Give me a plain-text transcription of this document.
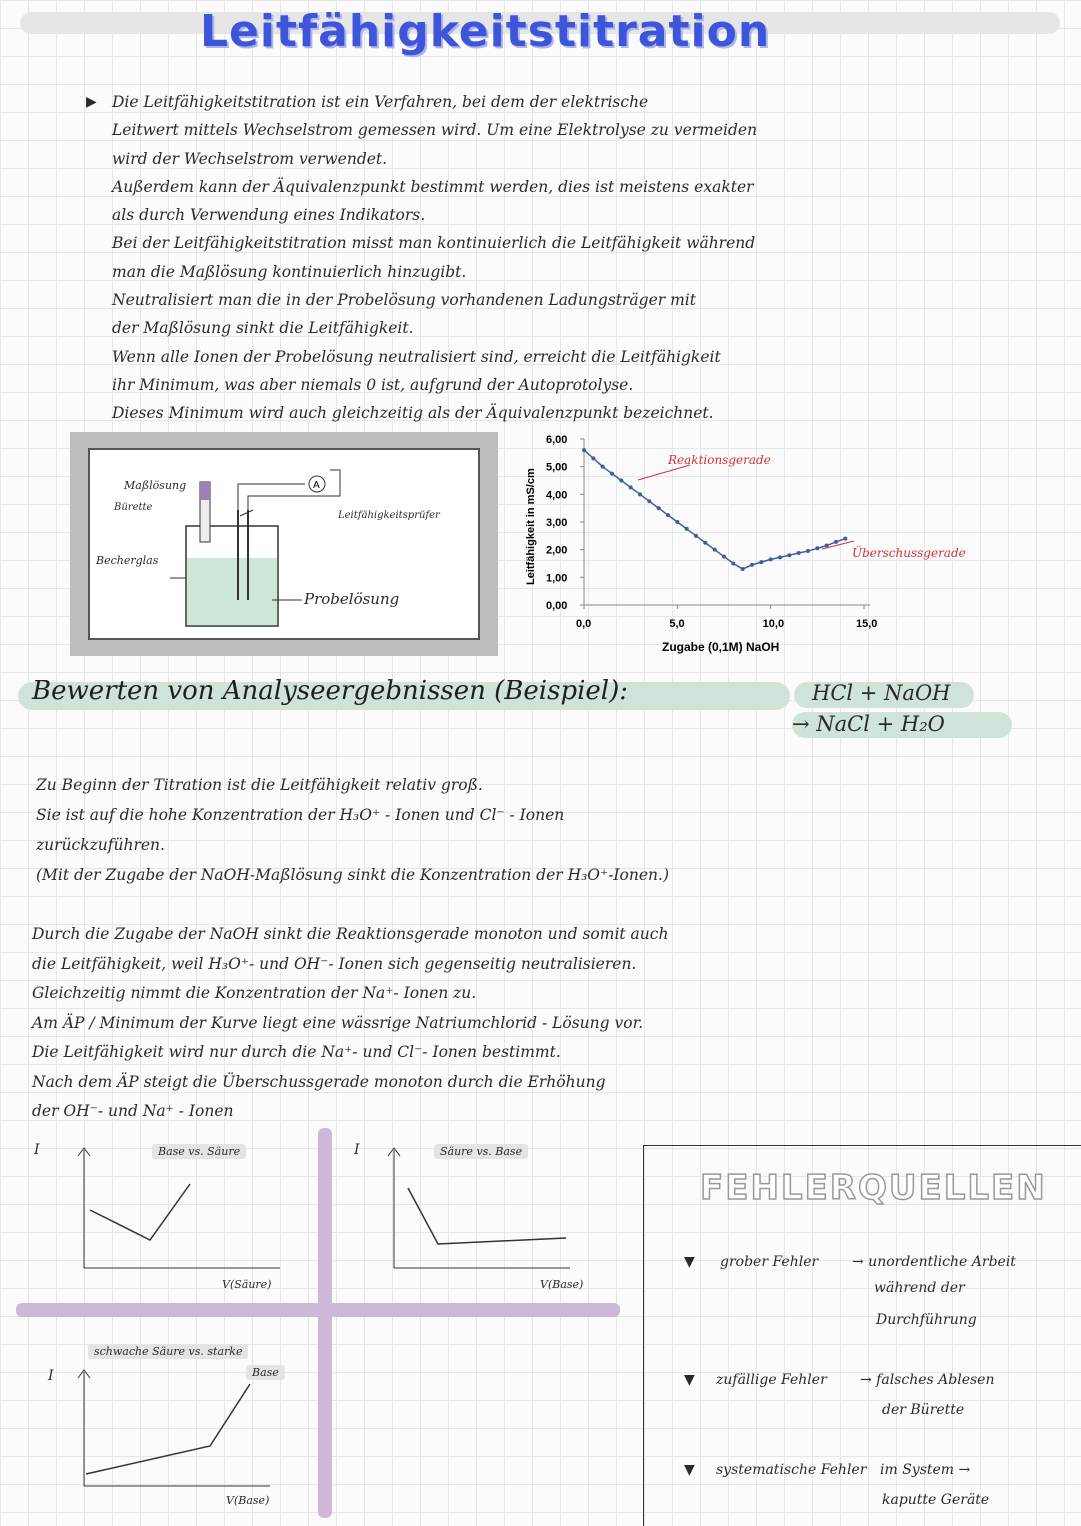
Leitfähigkeitstitration
▶ Die Leitfähigkeitstitration ist ein Verfahren, bei dem der elektrische
Leitwert mittels Wechselstrom gemessen wird. Um eine Elektrolyse zu vermeiden
wird der Wechselstrom verwendet.
Außerdem kann der Äquivalenzpunkt bestimmt werden, dies ist meistens exakter
als durch Verwendung eines Indikators.
Bei der Leitfähigkeitstitration misst man kontinuierlich die Leitfähigkeit während
man die Maßlösung kontinuierlich hinzugibt.
Neutralisiert man die in der Probelösung vorhandenen Ladungsträger mit
der Maßlösung sinkt die Leitfähigkeit.
Wenn alle Ionen der Probelösung neutralisiert sind, erreicht die Leitfähigkeit
ihr Minimum, was aber niemals 0 ist, aufgrund der Autoprotolyse.
Dieses Minimum wird auch gleichzeitig als der Äquivalenzpunkt bezeichnet.
A
Maßlösung
Bürette
Becherglas
Leitfähigkeitsprüfer
Probelösung	0,00
1,00
2,00
3,00
4,00
5,00
6,00
0,0	5,0	10,0	15,0
Leitfähigkeit in mS/cm
Zugabe (0,1M) NaOH
Reaktionsgerade
Überschussgerade
Bewerten von Analyseergebnissen (Beispiel):	HCl + NaOH
→ NaCl + H₂O
Zu Beginn der Titration ist die Leitfähigkeit relativ groß.
Sie ist auf die hohe Konzentration der H₃O⁺ - Ionen und Cl⁻ - Ionen
zurückzuführen.
(Mit der Zugabe der NaOH-Maßlösung sinkt die Konzentration der H₃O⁺-Ionen.)
Durch die Zugabe der NaOH sinkt die Reaktionsgerade monoton und somit auch
die Leitfähigkeit, weil H₃O⁺- und OH⁻- Ionen sich gegenseitig neutralisieren.
Gleichzeitig nimmt die Konzentration der Na⁺- Ionen zu.
Am ÄP / Minimum der Kurve liegt eine wässrige Natriumchlorid - Lösung vor.
Die Leitfähigkeit wird nur durch die Na⁺- und Cl⁻- Ionen bestimmt.
Nach dem ÄP steigt die Überschussgerade monoton durch die Erhöhung
der OH⁻- und Na⁺ - Ionen
I	Base vs. Säure
V(Säure)
I	Säure vs. Base
V(Base)
I
schwache Säure vs. starke
Base
V(Base)
FEHLERQUELLEN
▼ grober Fehler → unordentliche Arbeit
während der
Durchführung
▼ zufällige Fehler → falsches Ablesen
der Bürette
▼ systematische Fehler im System →
kaputte Geräte
